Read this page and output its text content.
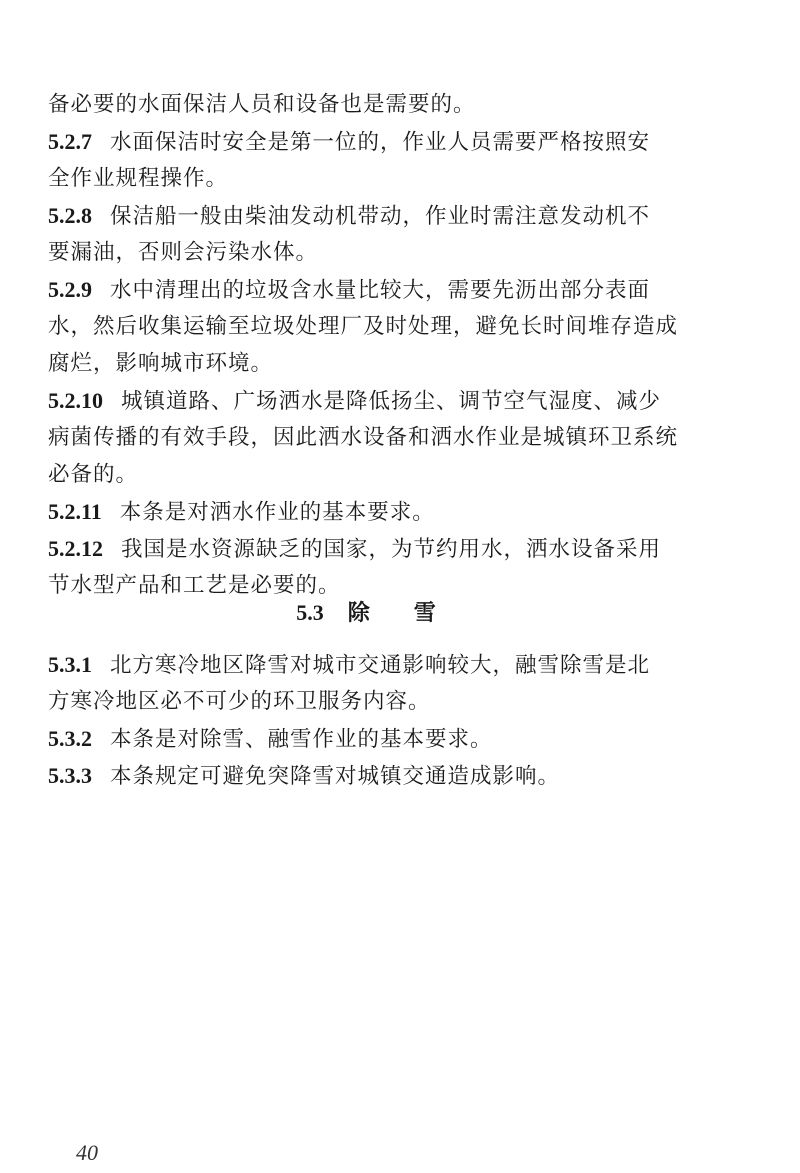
备必要的水面保洁人员和设备也是需要的。
5.2.7 水面保洁时安全是第一位的，作业人员需要严格按照安
全作业规程操作。
5.2.8 保洁船一般由柴油发动机带动，作业时需注意发动机不
要漏油，否则会污染水体。
5.2.9 水中清理出的垃圾含水量比较大，需要先沥出部分表面
水，然后收集运输至垃圾处理厂及时处理，避免长时间堆存造成
腐烂，影响城市环境。
5.2.10 城镇道路、广场洒水是降低扬尘、调节空气湿度、减少
病菌传播的有效手段，因此洒水设备和洒水作业是城镇环卫系统
必备的。
5.2.11 本条是对洒水作业的基本要求。
5.2.12 我国是水资源缺乏的国家，为节约用水，洒水设备采用
节水型产品和工艺是必要的。
5.3 除雪
5.3.1 北方寒冷地区降雪对城市交通影响较大，融雪除雪是北
方寒冷地区必不可少的环卫服务内容。
5.3.2 本条是对除雪、融雪作业的基本要求。
5.3.3 本条规定可避免突降雪对城镇交通造成影响。
40
